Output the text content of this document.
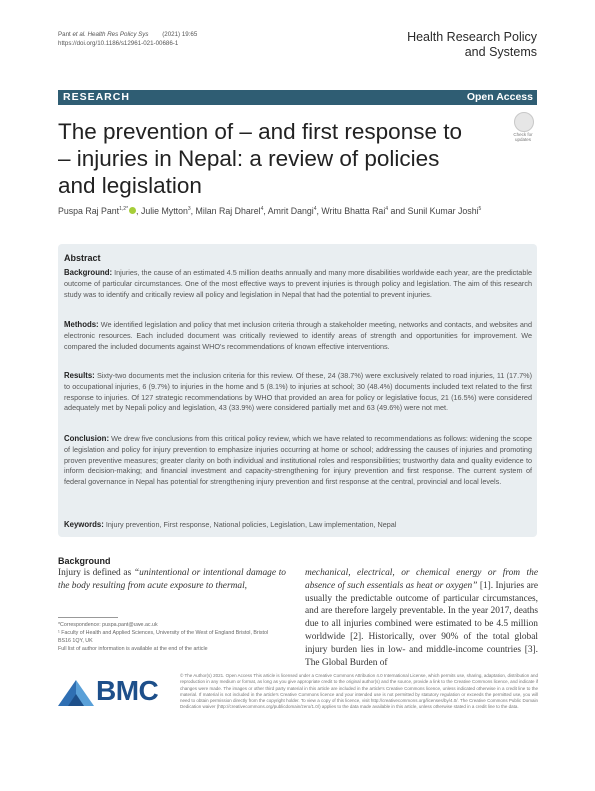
Pant et al. Health Res Policy Sys (2021) 19:65
https://doi.org/10.1186/s12961-021-00686-1	Health Research Policy
and Systems
RESEARCH	Open Access
The prevention of – and first response to – injuries in Nepal: a review of policies and legislation
Check for updates
Puspa Raj Pant$^{1,2*}$ , Julie Mytton$^3$, Milan Raj Dharel$^4$, Amrit Dangi$^4$, Writu Bhatta Rai$^4$ and Sunil Kumar Joshi$^5$
Abstract
Background: Injuries, the cause of an estimated 4.5 million deaths annually and many more disabilities worldwide each year, are the predictable outcome of particular circumstances. One of the most effective ways to prevent injuries is through policy and legislation. The aim of this research study was to identify and critically review all policy and legislation in Nepal that had the potential to prevent injuries.
Methods: We identified legislation and policy that met inclusion criteria through a stakeholder meeting, networks and contacts, and websites and electronic resources. Each included document was critically reviewed to identify areas of strength and opportunities for improvement. We compared the included documents against WHO's recommendations of known effective interventions.
Results: Sixty-two documents met the inclusion criteria for this review. Of these, 24 (38.7%) were exclusively related to road injuries, 11 (17.7%) to occupational injuries, 6 (9.7%) to injuries in the home and 5 (8.1%) to injuries at school; 30 (48.4%) documents included text related to the first response to injuries. Of 127 strategic recommendations by WHO that provided an area for policy or legislative focus, 21 (16.5%) were considered adequately met by Nepali policy and legislation, 43 (33.9%) were considered partially met and 63 (49.6%) were not met.
Conclusion: We drew five conclusions from this critical policy review, which we have related to recommendations as follows: widening the scope of legislation and policy for injury prevention to emphasize injuries occurring at home or school; addressing the causes of injuries and promoting proven preventive measures; greater clarity on both individual and institutional roles and responsibilities; trustworthy data and quality evidence to inform decision-making; and financial investment and capacity-strengthening for injury prevention and first response. The current system of federal governance in Nepal has potential for strengthening injury prevention and first response at the central, provincial and local levels.
Keywords: Injury prevention, First response, National policies, Legislation, Law implementation, Nepal
Background
Injury is defined as “unintentional or intentional damage to the body resulting from acute exposure to thermal,
mechanical, electrical, or chemical energy or from the absence of such essentials as heat or oxygen” [1]. Injuries are usually the predictable outcome of particular circumstances, and are therefore largely preventable. In the year 2017, deaths due to all injuries combined were estimated to be 4.5 million worldwide [2]. Historically, over 90% of the total global injury burden lies in low- and middle-income countries [3]. The Global Burden of
*Correspondence: puspa.pant@uwe.ac.uk
¹ Faculty of Health and Applied Sciences, University of the West of England Bristol, Bristol BS16 1QY, UK
Full list of author information is available at the end of the article
BMC	© The Author(s) 2021. Open Access This article is licensed under a Creative Commons Attribution 4.0 International License, which permits use, sharing, adaptation, distribution and reproduction in any medium or format, as long as you give appropriate credit to the original author(s) and the source, provide a link to the Creative Commons licence, and indicate if changes were made. The images or other third party material in this article are included in the article's Creative Commons licence, unless indicated otherwise in a credit line to the material. If material is not included in the article's Creative Commons licence and your intended use is not permitted by statutory regulation or exceeds the permitted use, you will need to obtain permission directly from the copyright holder. To view a copy of this licence, visit http://creativecommons.org/licenses/by/4.0/. The Creative Commons Public Domain Dedication waiver (http://creativecommons.org/publicdomain/zero/1.0/) applies to the data made available in this article, unless otherwise stated in a credit line to the data.
